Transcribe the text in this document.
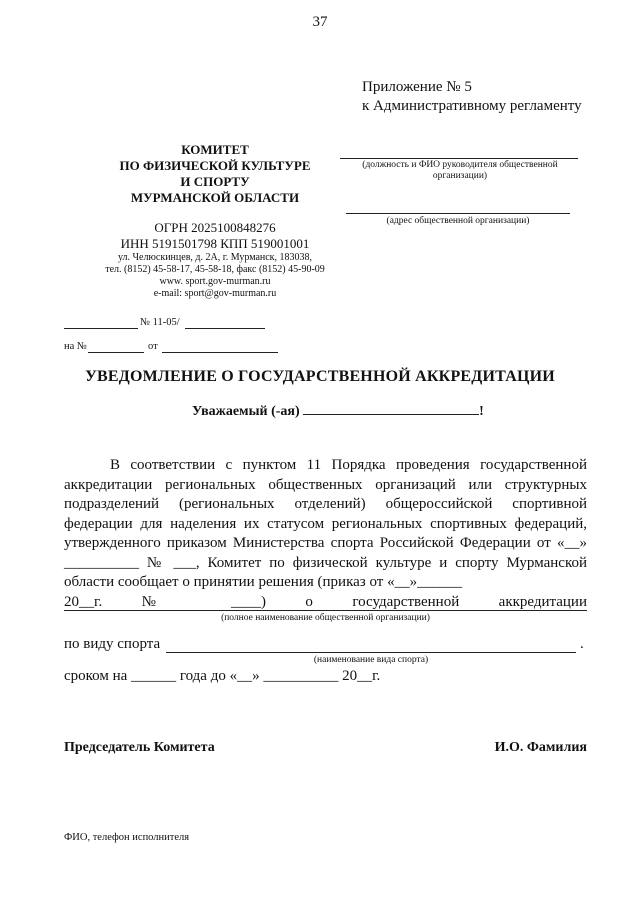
37
Приложение № 5
к Административному регламенту
КОМИТЕТ
ПО ФИЗИЧЕСКОЙ КУЛЬТУРЕ
И СПОРТУ
МУРМАНСКОЙ ОБЛАСТИ
ОГРН 2025100848276
ИНН 5191501798 КПП 519001001
ул. Челюскинцев, д. 2А, г. Мурманск, 183038,
тел. (8152) 45-58-17, 45-58-18, факс (8152) 45-90-09
www. sport.gov-murman.ru
e-mail: sport@gov-murman.ru
(должность и ФИО руководителя общественной
организации)
(адрес общественной организации)
№ 11-05/
на №	от
УВЕДОМЛЕНИЕ О ГОСУДАРСТВЕННОЙ АККРЕДИТАЦИИ
Уважаемый (-ая)	!
В соответствии с пунктом 11 Порядка проведения государственной аккредитации региональных общественных организаций или структурных подразделений (региональных отделений) общероссийской спортивной федерации для наделения их статусом региональных спортивных федераций, утвержденного приказом Министерства спорта Российской Федерации от «__» __________ № ___, Комитет по физической культуре и спорту Мурманской области сообщает о принятии решения (приказ от «__»______
20__г. № ____) о государственной аккредитации
(полное наименование общественной организации)
по виду спорта	.
(наименование вида спорта)
сроком на ______ года до «__» __________ 20__г.
Председатель Комитета	И.О. Фамилия
ФИО, телефон исполнителя
